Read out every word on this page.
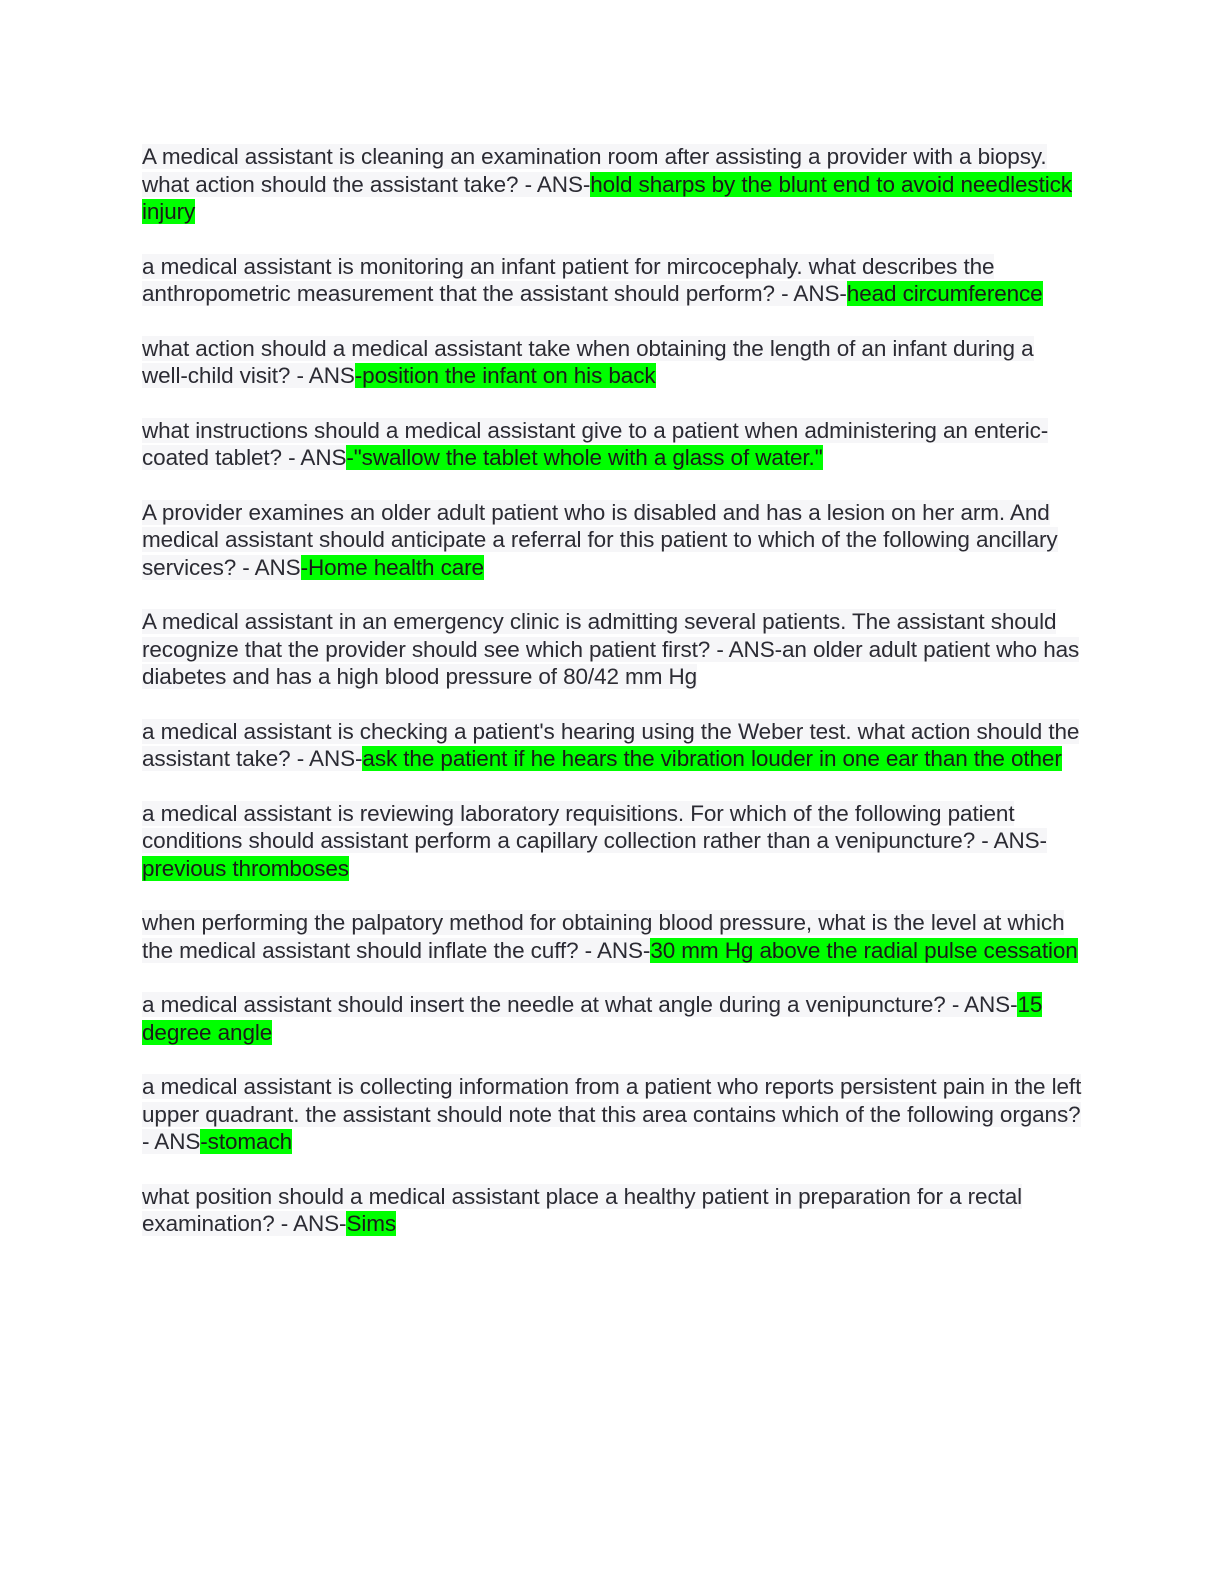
A medical assistant is cleaning an examination room after assisting a provider with a biopsy. what action should the assistant take? - ANS-hold sharps by the blunt end to avoid needlestick injury

a medical assistant is monitoring an infant patient for mircocephaly. what describes the anthropometric measurement that the assistant should perform? - ANS-head circumference

what action should a medical assistant take when obtaining the length of an infant during a well-child visit? - ANS-position the infant on his back

what instructions should a medical assistant give to a patient when administering an enteric-coated tablet? - ANS-"swallow the tablet whole with a glass of water."

A provider examines an older adult patient who is disabled and has a lesion on her arm. And medical assistant should anticipate a referral for this patient to which of the following ancillary services? - ANS-Home health care

A medical assistant in an emergency clinic is admitting several patients. The assistant should recognize that the provider should see which patient first? - ANS-an older adult patient who has diabetes and has a high blood pressure of 80/42 mm Hg

a medical assistant is checking a patient's hearing using the Weber test. what action should the assistant take? - ANS-ask the patient if he hears the vibration louder in one ear than the other

a medical assistant is reviewing laboratory requisitions. For which of the following patient conditions should assistant perform a capillary collection rather than a venipuncture? - ANS-previous thromboses

when performing the palpatory method for obtaining blood pressure, what is the level at which the medical assistant should inflate the cuff? - ANS-30 mm Hg above the radial pulse cessation

a medical assistant should insert the needle at what angle during a venipuncture? - ANS-15 degree angle

a medical assistant is collecting information from a patient who reports persistent pain in the left upper quadrant. the assistant should note that this area contains which of the following organs? - ANS-stomach

what position should a medical assistant place a healthy patient in preparation for a rectal examination? - ANS-Sims
